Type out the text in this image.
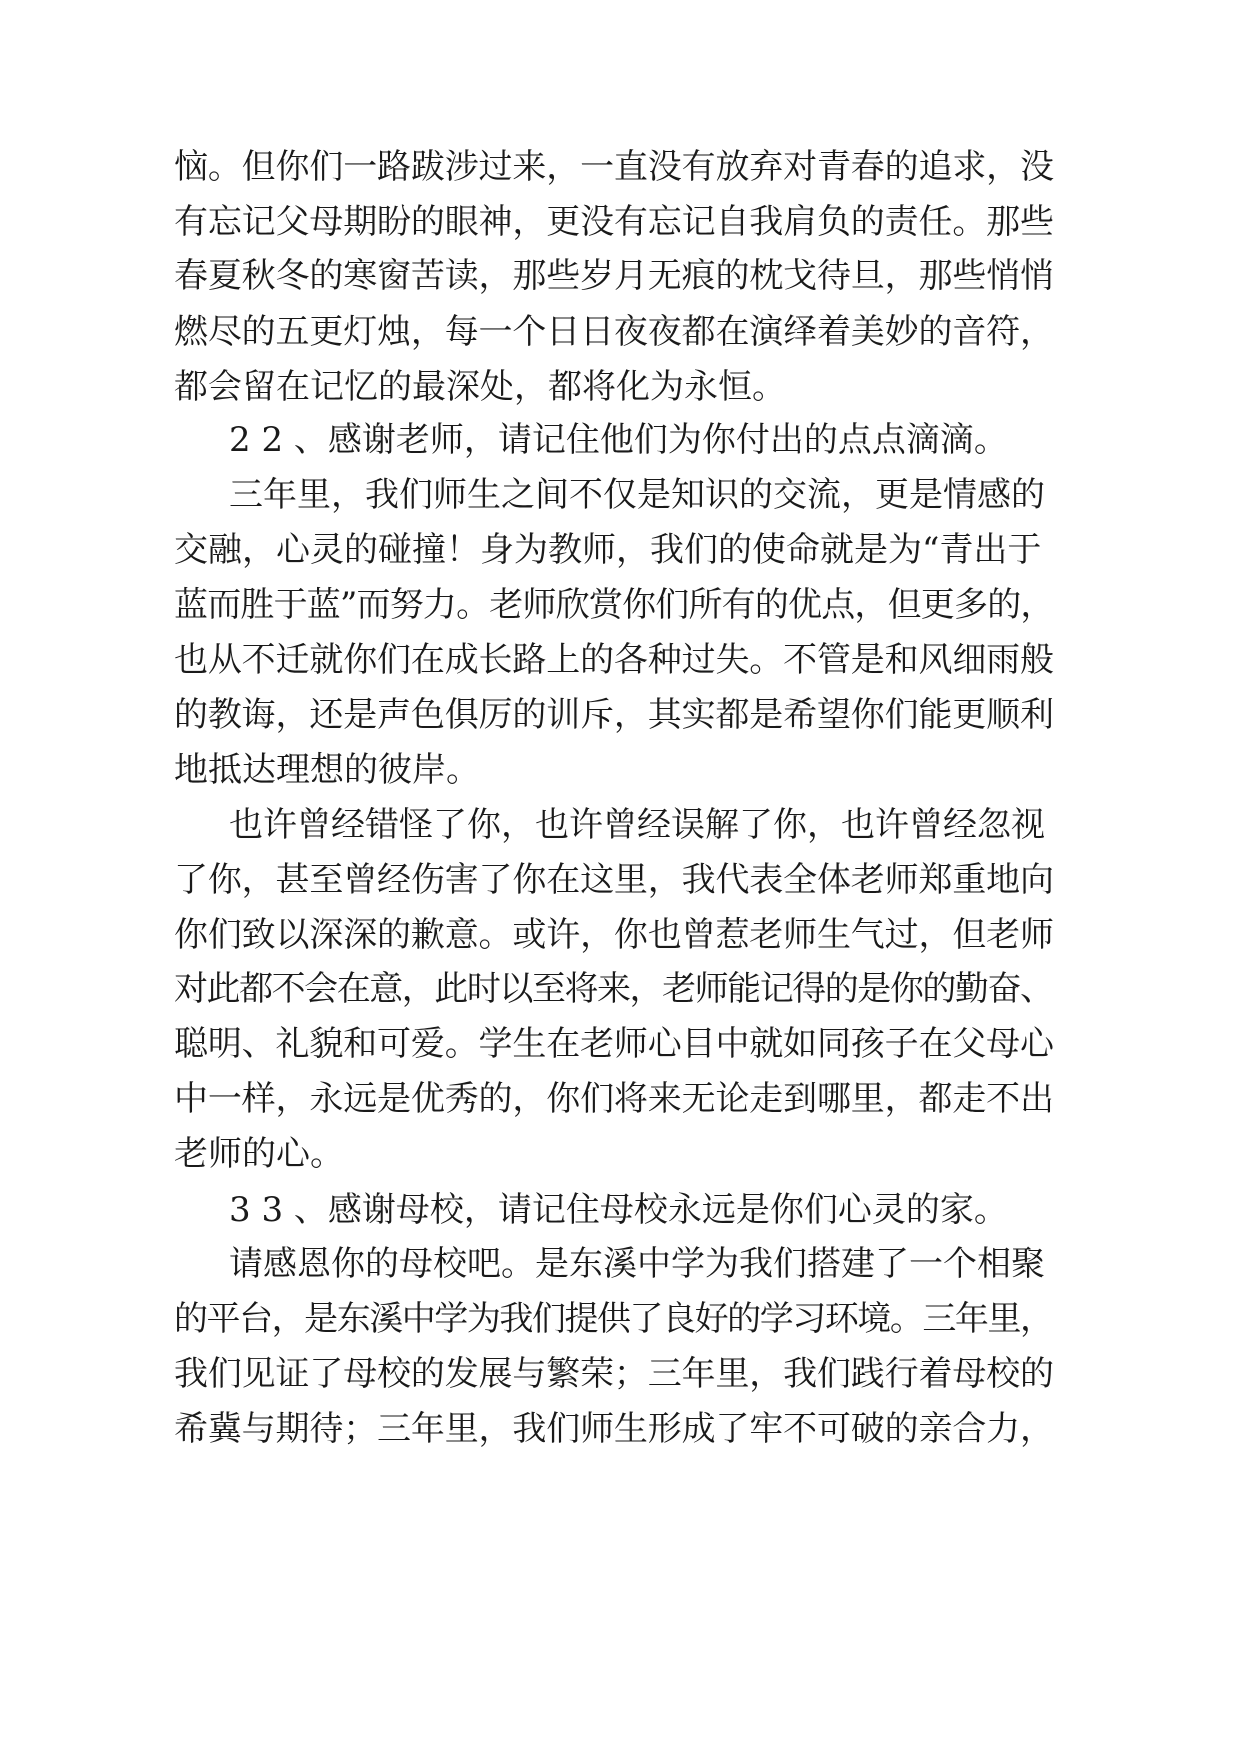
恼。但你们一路跋涉过来，一直没有放弃对青春的追求，没
有忘记父母期盼的眼神，更没有忘记自我肩负的责任。那些
春夏秋冬的寒窗苦读，那些岁月无痕的枕戈待旦，那些悄悄
燃尽的五更灯烛，每一个日日夜夜都在演绎着美妙的音符，
都会留在记忆的最深处，都将化为永恒。
2 2 、感谢老师，请记住他们为你付出的点点滴滴。
三年里，我们师生之间不仅是知识的交流，更是情感的
交融，心灵的碰撞！身为教师，我们的使命就是为“青出于
蓝而胜于蓝”而努力。老师欣赏你们所有的优点，但更多的，
也从不迁就你们在成长路上的各种过失。不管是和风细雨般
的教诲，还是声色俱厉的训斥，其实都是希望你们能更顺利
地抵达理想的彼岸。
也许曾经错怪了你，也许曾经误解了你，也许曾经忽视
了你，甚至曾经伤害了你在这里，我代表全体老师郑重地向
你们致以深深的歉意。或许，你也曾惹老师生气过，但老师
对此都不会在意，此时以至将来，老师能记得的是你的勤奋、
聪明、礼貌和可爱。学生在老师心目中就如同孩子在父母心
中一样，永远是优秀的，你们将来无论走到哪里，都走不出
老师的心。
3 3 、感谢母校，请记住母校永远是你们心灵的家。
请感恩你的母校吧。是东溪中学为我们搭建了一个相聚
的平台，是东溪中学为我们提供了良好的学习环境。三年里，
我们见证了母校的发展与繁荣；三年里，我们践行着母校的
希冀与期待；三年里，我们师生形成了牢不可破的亲合力，
